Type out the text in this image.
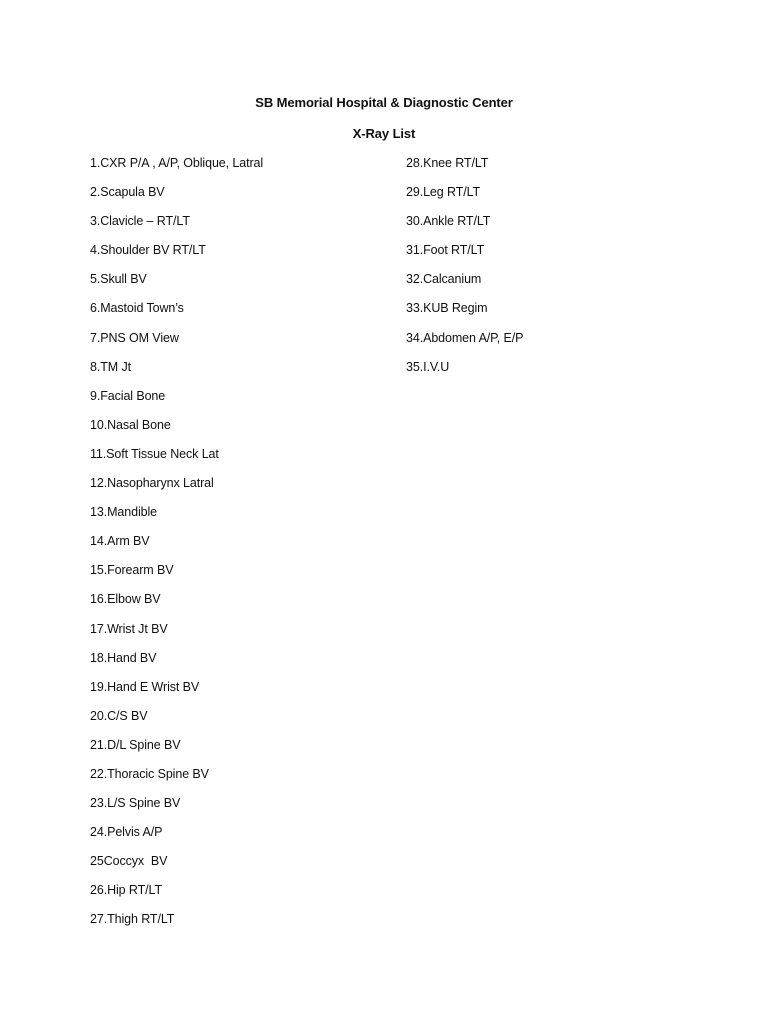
SB Memorial Hospital & Diagnostic Center
X-Ray List
1.CXR P/A , A/P, Oblique, Latral
2.Scapula BV
3.Clavicle – RT/LT
4.Shoulder BV RT/LT
5.Skull BV
6.Mastoid Town’s
7.PNS OM View
8.TM Jt
9.Facial Bone
10.Nasal Bone
11.Soft Tissue Neck Lat
12.Nasopharynx Latral
13.Mandible
14.Arm BV
15.Forearm BV
16.Elbow BV
17.Wrist Jt BV
18.Hand BV
19.Hand E Wrist BV
20.C/S BV
21.D/L Spine BV
22.Thoracic Spine BV
23.L/S Spine BV
24.Pelvis A/P
25Coccyx  BV
26.Hip RT/LT
27.Thigh RT/LT
28.Knee RT/LT
29.Leg RT/LT
30.Ankle RT/LT
31.Foot RT/LT
32.Calcanium
33.KUB Regim
34.Abdomen A/P, E/P
35.I.V.U
